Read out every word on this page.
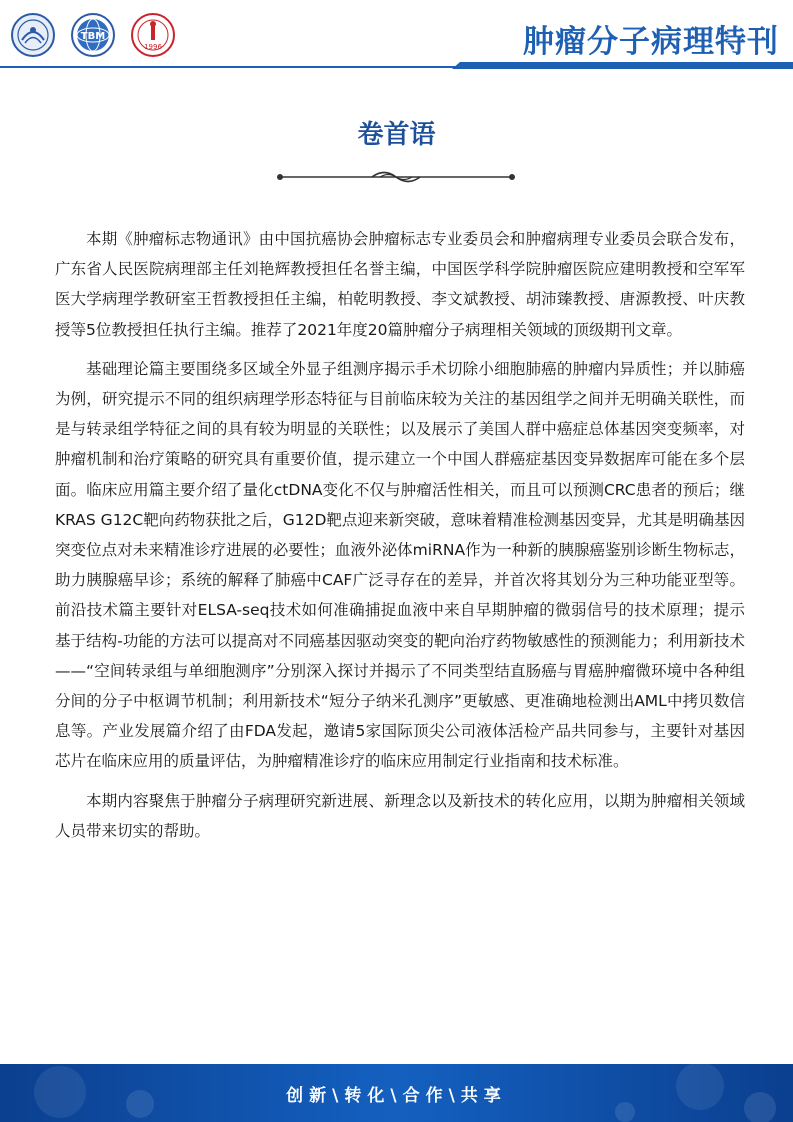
TBM
1996	肿瘤分子病理特刊
卷首语

本期《肿瘤标志物通讯》由中国抗癌协会肿瘤标志专业委员会和肿瘤病理专业委员会联合发布，广东省人民医院病理部主任刘艳辉教授担任名誉主编，中国医学科学院肿瘤医院应建明教授和空军军医大学病理学教研室王哲教授担任主编，柏乾明教授、李文斌教授、胡沛臻教授、唐源教授、叶庆教授等5位教授担任执行主编。推荐了2021年度20篇肿瘤分子病理相关领域的顶级期刊文章。

基础理论篇主要围绕多区域全外显子组测序揭示手术切除小细胞肺癌的肿瘤内异质性；并以肺癌为例，研究提示不同的组织病理学形态特征与目前临床较为关注的基因组学之间并无明确关联性，而是与转录组学特征之间的具有较为明显的关联性；以及展示了美国人群中癌症总体基因突变频率，对肿瘤机制和治疗策略的研究具有重要价值，提示建立一个中国人群癌症基因变异数据库可能在多个层面。临床应用篇主要介绍了量化ctDNA变化不仅与肿瘤活性相关，而且可以预测CRC患者的预后；继KRAS G12C靶向药物获批之后，G12D靶点迎来新突破，意味着精准检测基因变异，尤其是明确基因突变位点对未来精准诊疗进展的必要性；血液外泌体miRNA作为一种新的胰腺癌鉴别诊断生物标志，助力胰腺癌早诊；系统的解释了肺癌中CAF广泛寻存在的差异，并首次将其划分为三种功能亚型等。前沿技术篇主要针对ELSA-seq技术如何准确捕捉血液中来自早期肿瘤的微弱信号的技术原理；提示基于结构-功能的方法可以提高对不同癌基因驱动突变的靶向治疗药物敏感性的预测能力；利用新技术——“空间转录组与单细胞测序”分别深入探讨并揭示了不同类型结直肠癌与胃癌肿瘤微环境中各种组分间的分子中枢调节机制；利用新技术“短分子纳米孔测序”更敏感、更准确地检测出AML中拷贝数信息等。产业发展篇介绍了由FDA发起，邀请5家国际顶尖公司液体活检产品共同参与，主要针对基因芯片在临床应用的质量评估，为肿瘤精准诊疗的临床应用制定行业指南和技术标准。

本期内容聚焦于肿瘤分子病理研究新进展、新理念以及新技术的转化应用，以期为肿瘤相关领域人员带来切实的帮助。

创新\转化\合作\共享
